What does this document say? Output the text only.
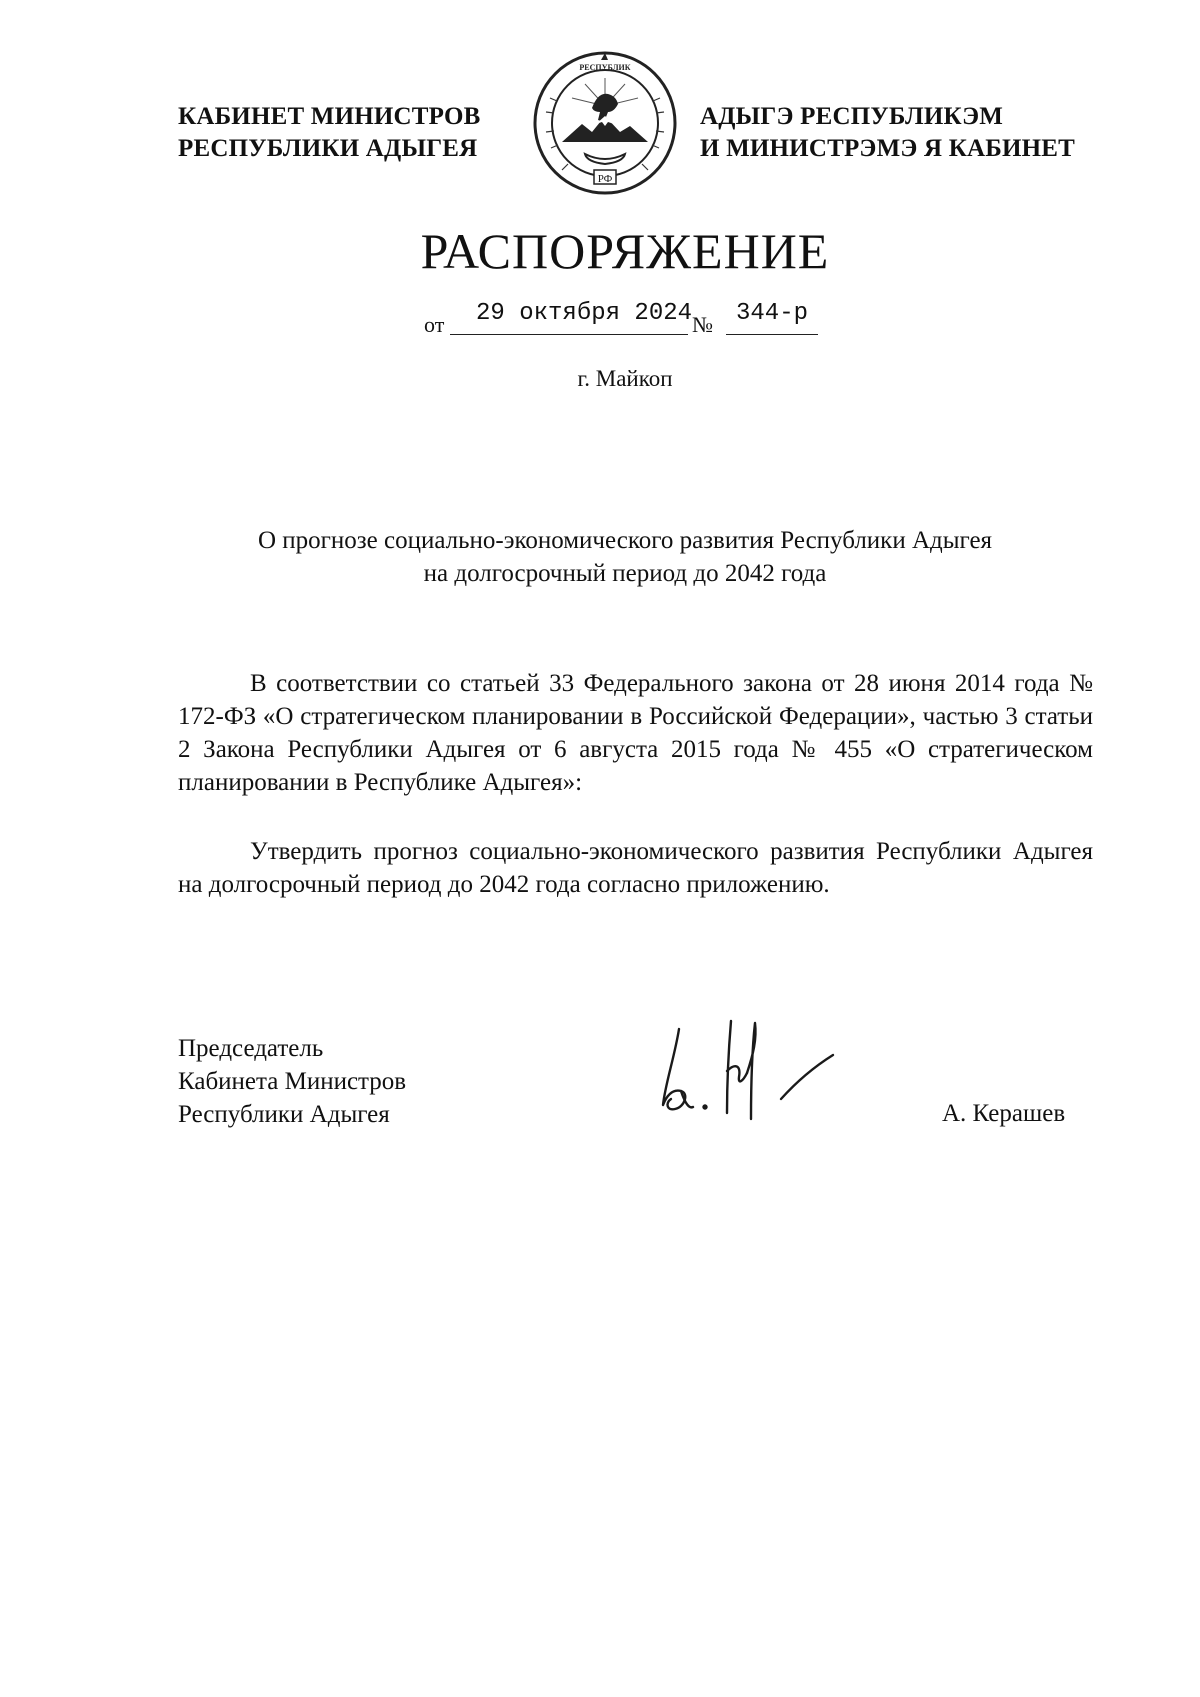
КАБИНЕТ МИНИСТРОВ
РЕСПУБЛИКИ АДЫГЕЯ
РФ
РЕСПУБЛИК
АДЫГЭ РЕСПУБЛИКЭМ
И МИНИСТРЭМЭ Я КАБИНЕТ
РАСПОРЯЖЕНИЕ
от 29 октября 2024 № 344-р
г. Майкоп
О прогнозе социально-экономического развития Республики Адыгея
на долгосрочный период до 2042 года

В соответствии со статьей 33 Федерального закона от 28 июня 2014 года № 172-ФЗ «О стратегическом планировании в Российской Федерации», частью 3 статьи 2 Закона Республики Адыгея от 6 августа 2015 года № 455 «О стратегическом планировании в Республике Адыгея»:

Утвердить прогноз социально-экономического развития Республики Адыгея на долгосрочный период до 2042 года согласно приложению.

Председатель
Кабинета Министров
Республики Адыгея	А. Керашев
